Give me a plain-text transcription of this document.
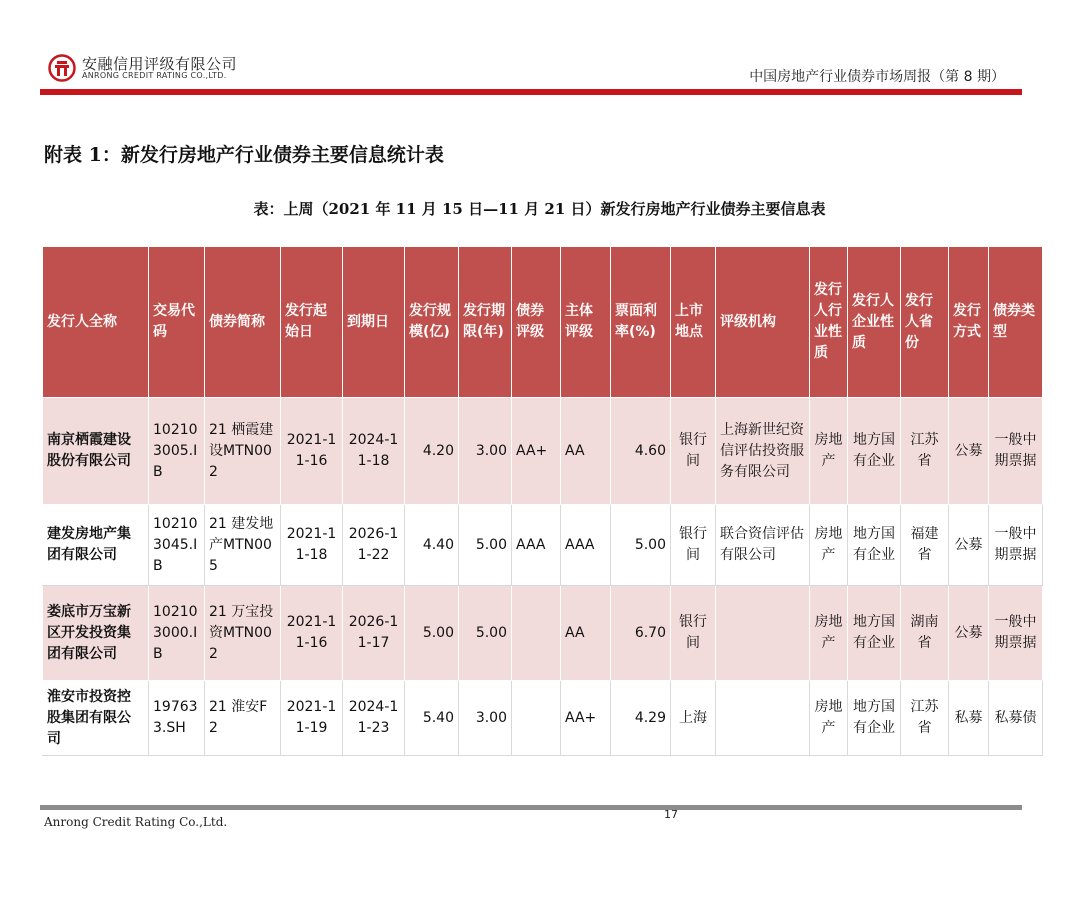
安融信用评级有限公司
ANRONG CREDIT RATING CO.,LTD.	中国房地产行业债券市场周报（第 8 期）
附表 1：新发行房地产行业债券主要信息统计表
表：上周（2021 年 11 月 15 日—11 月 21 日）新发行房地产行业债券主要信息表
发行人全称	交易代码	债券简称	发行起始日	到期日	发行规模(亿)	发行期限(年)	债券评级	主体评级	票面利率(%)	上市地点	评级机构	发行人行业性质	发行人企业性质	发行人省份	发行方式	债券类型
南京栖霞建设股份有限公司	102103005.IB	21 栖霞建设MTN002	2021-11-16	2024-11-18	4.20	3.00	AA+	AA	4.60	银行间	上海新世纪资信评估投资服务有限公司	房地产	地方国有企业	江苏省	公募	一般中期票据
建发房地产集团有限公司	102103045.IB	21 建发地产MTN005	2021-11-18	2026-11-22	4.40	5.00	AAA	AAA	5.00	银行间	联合资信评估有限公司	房地产	地方国有企业	福建省	公募	一般中期票据
娄底市万宝新区开发投资集团有限公司	102103000.IB	21 万宝投资MTN002	2021-11-16	2026-11-17	5.00	5.00		AA	6.70	银行间		房地产	地方国有企业	湖南省	公募	一般中期票据
淮安市投资控股集团有限公司	197633.SH	21 淮安F2	2021-11-19	2024-11-23	5.40	3.00		AA+	4.29	上海		房地产	地方国有企业	江苏省	私募	私募债
Anrong Credit Rating Co.,Ltd.
17
